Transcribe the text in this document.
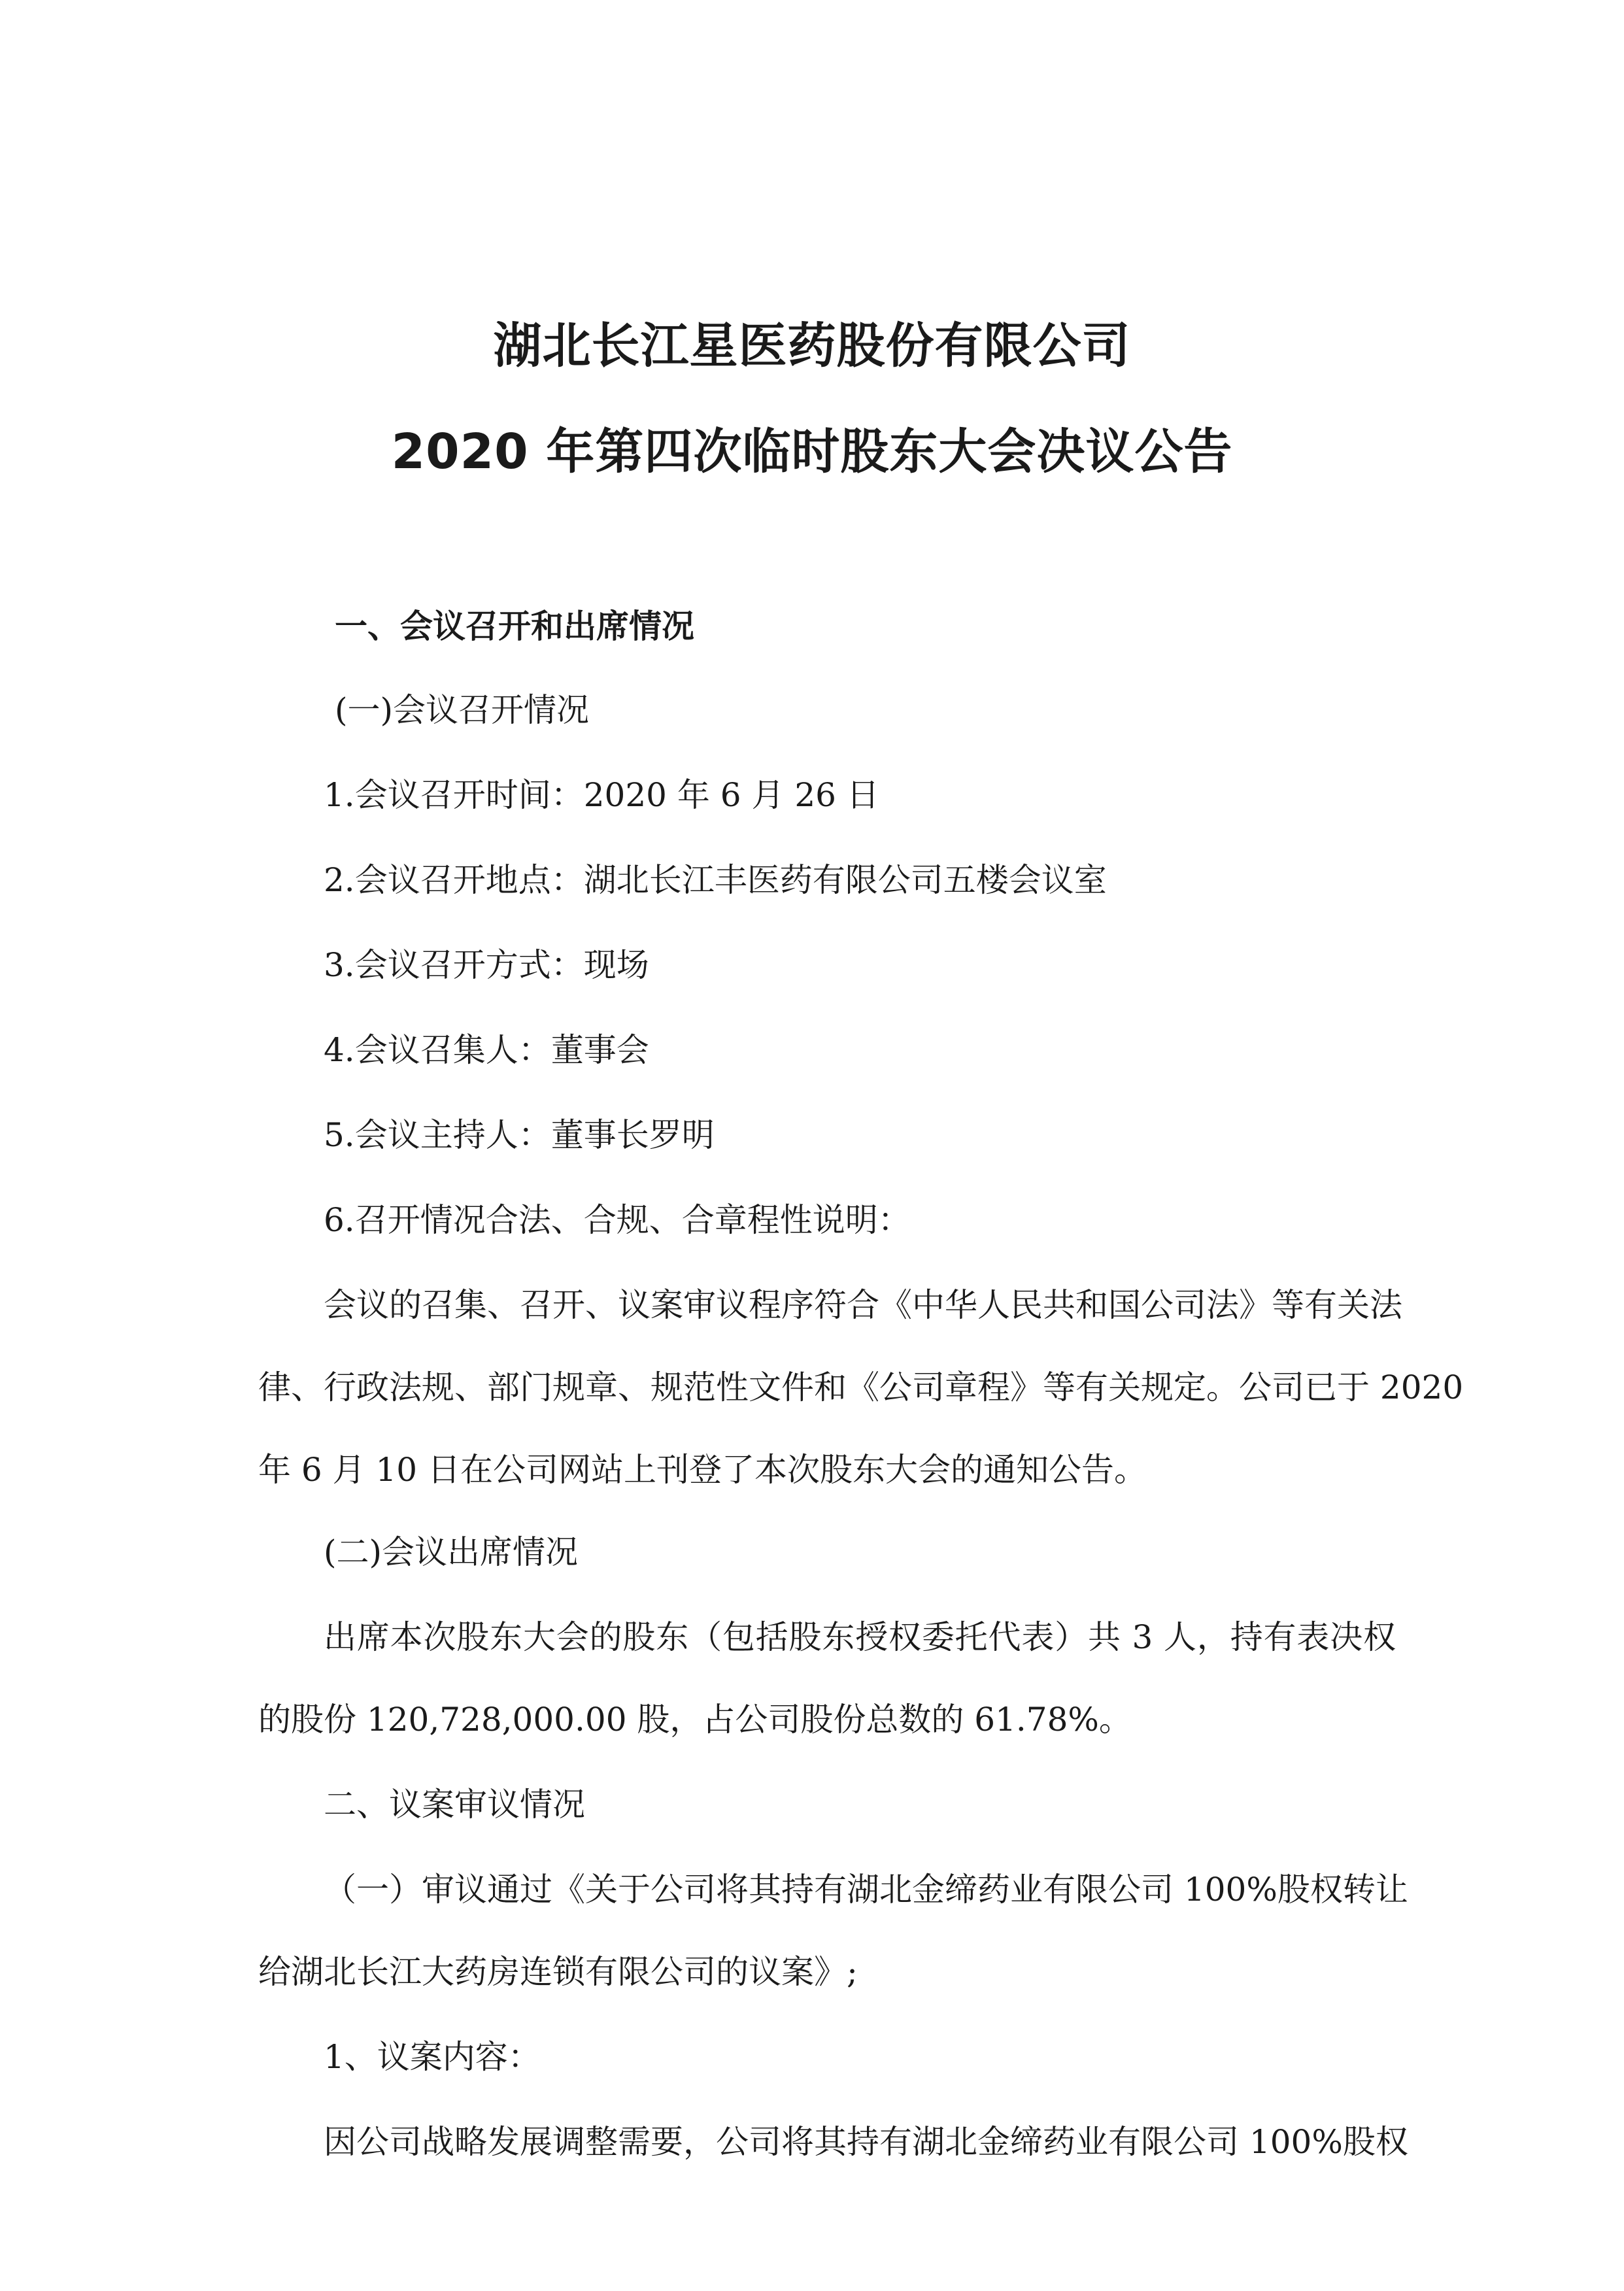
湖北长江星医药股份有限公司
2020 年第四次临时股东大会决议公告
一、会议召开和出席情况
(一)会议召开情况
1.会议召开时间：2020 年 6 月 26 日
2.会议召开地点：湖北长江丰医药有限公司五楼会议室
3.会议召开方式：现场
4.会议召集人：董事会
5.会议主持人：董事长罗明
6.召开情况合法、合规、合章程性说明：
会议的召集、召开、议案审议程序符合《中华人民共和国公司法》等有关法
律、行政法规、部门规章、规范性文件和《公司章程》等有关规定。公司已于 2020
年 6 月 10 日在公司网站上刊登了本次股东大会的通知公告。
(二)会议出席情况
出席本次股东大会的股东（包括股东授权委托代表）共 3 人，持有表决权
的股份 120,728,000.00 股，占公司股份总数的 61.78%。
二、议案审议情况
（一）审议通过《关于公司将其持有湖北金缔药业有限公司 100%股权转让
给湖北长江大药房连锁有限公司的议案》;
1、议案内容：
因公司战略发展调整需要，公司将其持有湖北金缔药业有限公司 100%股权
